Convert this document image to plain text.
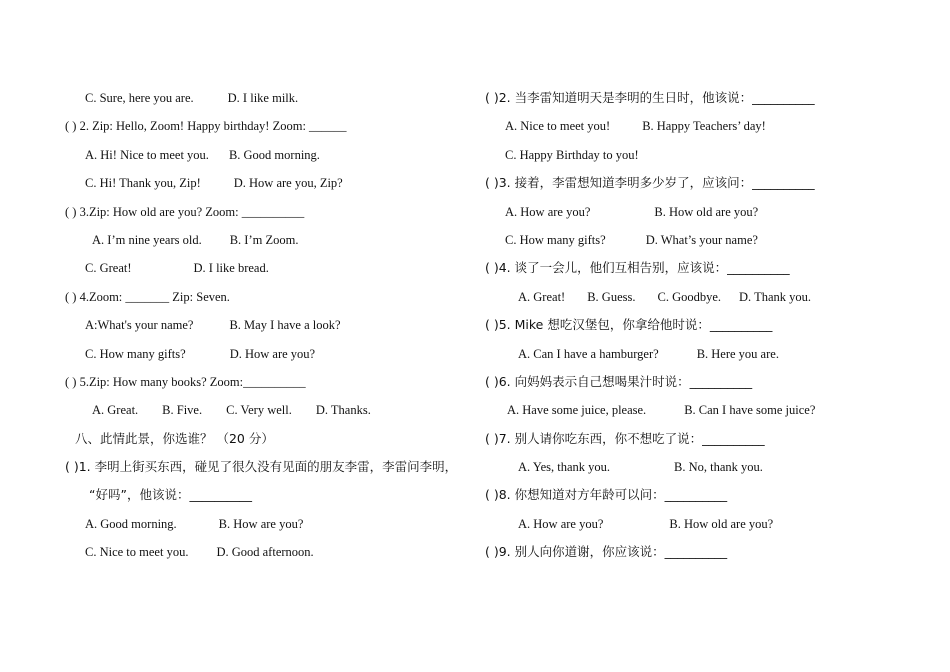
C. Sure, here you are.	D. I like milk.
( ) 2. Zip: Hello, Zoom! Happy birthday! Zoom: ______
A. Hi! Nice to meet you. B. Good morning.
C. Hi! Thank you, Zip!	D. How are you, Zip?
( ) 3.Zip: How old are you? Zoom: __________
A. I’m nine years old. B. I’m Zoom.
C. Great!	D. I like bread.
( ) 4.Zoom: _______ Zip: Seven.
A:What's your name?	B. May I have a look?
C. How many gifts?	D. How are you?
( ) 5.Zip: How many books? Zoom:__________
A. Great. B. Five. C. Very well. D. Thanks.
八、此情此景，你选谁？ （20 分）
( )1. 李明上街买东西，碰见了很久没有见面的朋友李雷，李雷问李明，
“好吗”，他该说：__________
A. Good morning.	B. How are you?
C. Nice to meet you. D. Good afternoon.
( )2. 当李雷知道明天是李明的生日时，他该说：__________
A. Nice to meet you!	B. Happy Teachers’ day!
C. Happy Birthday to you!
( )3. 接着，李雷想知道李明多少岁了，应该问：__________
A. How are you?	B. How old are you?
C. How many gifts?	D. What’s your name?
( )4. 谈了一会儿，他们互相告别，应该说：__________
A. Great! B. Guess. C. Goodbye. D. Thank you.
( )5. Mike 想吃汉堡包，你拿给他时说：__________
A. Can I have a hamburger?	B. Here you are.
( )6. 向妈妈表示自己想喝果汁时说：__________
A. Have some juice, please.	B. Can I have some juice?
( )7. 别人请你吃东西，你不想吃了说：__________
A. Yes, thank you.	B. No, thank you.
( )8. 你想知道对方年龄可以问：__________
A. How are you?	B. How old are you?
( )9. 别人向你道谢，你应该说：__________
